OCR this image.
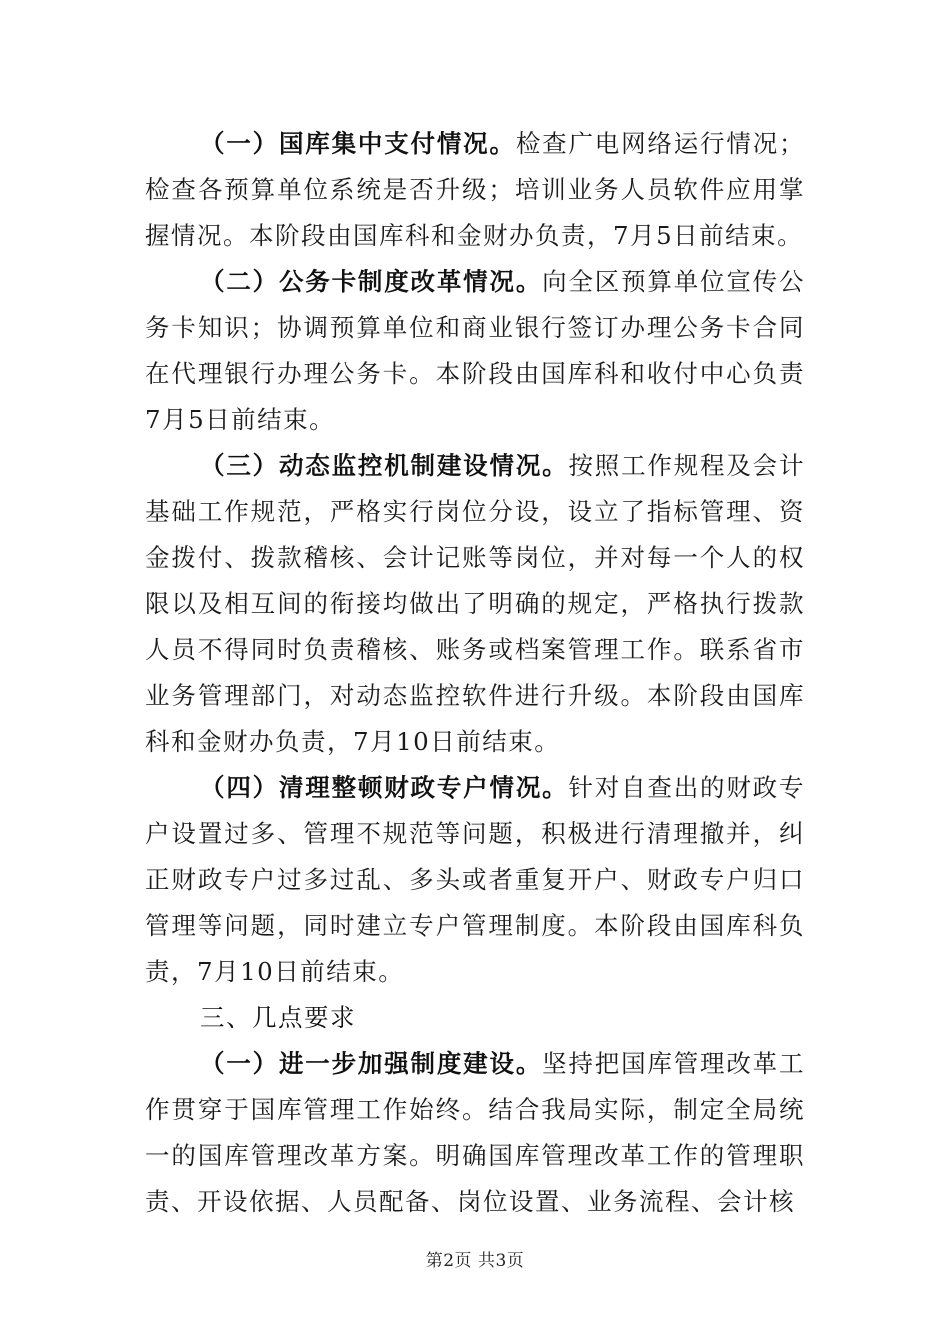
（一）国库集中支付情况。检查广电网络运行情况；检查各预算单位系统是否升级；培训业务人员软件应用掌握情况。本阶段由国库科和金财办负责，7月5日前结束。

（二）公务卡制度改革情况。向全区预算单位宣传公务卡知识；协调预算单位和商业银行签订办理公务卡合同在代理银行办理公务卡。本阶段由国库科和收付中心负责7月5日前结束。

（三）动态监控机制建设情况。按照工作规程及会计基础工作规范，严格实行岗位分设，设立了指标管理、资金拨付、拨款稽核、会计记账等岗位，并对每一个人的权限以及相互间的衔接均做出了明确的规定，严格执行拨款人员不得同时负责稽核、账务或档案管理工作。联系省市业务管理部门，对动态监控软件进行升级。本阶段由国库科和金财办负责，7月10日前结束。

（四）清理整顿财政专户情况。针对自查出的财政专户设置过多、管理不规范等问题，积极进行清理撤并，纠正财政专户过多过乱、多头或者重复开户、财政专户归口管理等问题，同时建立专户管理制度。本阶段由国库科负责，7月10日前结束。

三、几点要求

（一）进一步加强制度建设。坚持把国库管理改革工作贯穿于国库管理工作始终。结合我局实际，制定全局统一的国库管理改革方案。明确国库管理改革工作的管理职责、开设依据、人员配备、岗位设置、业务流程、会计核

第2页 共3页
